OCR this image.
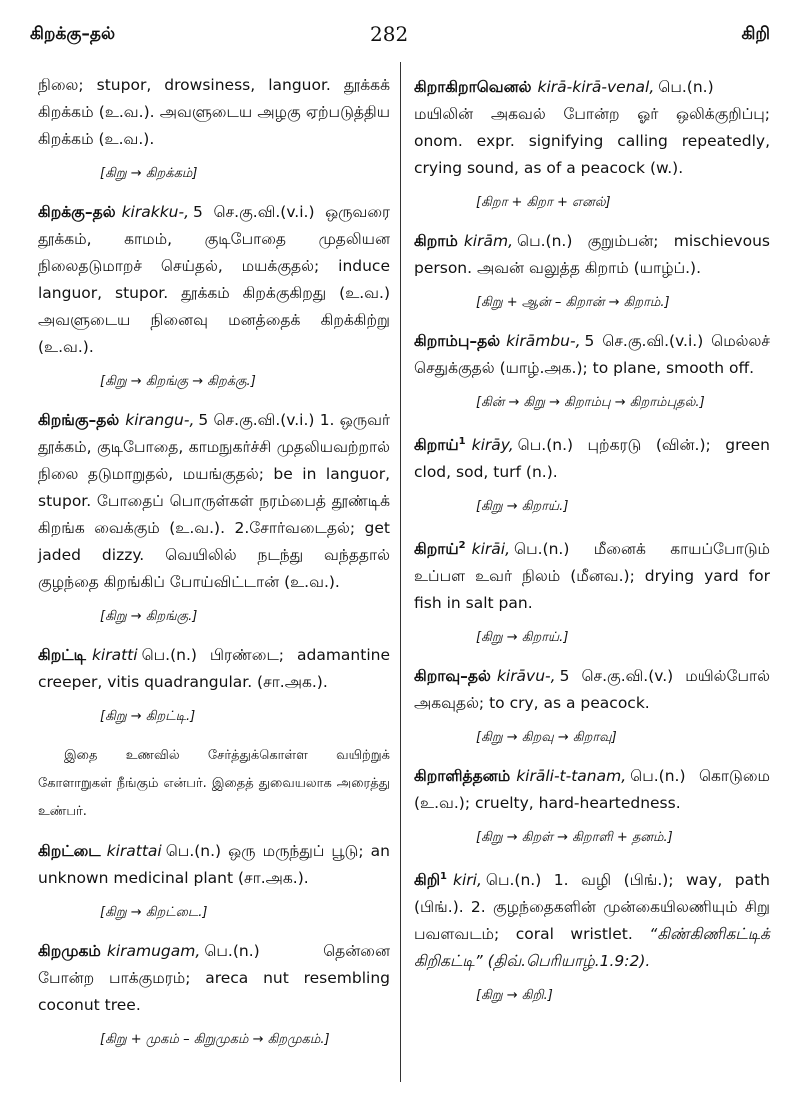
கிறக்கு–தல்	282	கிறி

நிலை; stupor, drowsiness, languor. தூக்கக் கிறக்கம் (உ.வ.). அவளுடைய அழகு ஏற்படுத்திய கிறக்கம் (உ.வ.).

[கிறு → கிறக்கம்]

கிறக்கு–தல் kirakku-, 5 செ.கு.வி.(v.i.) ஒருவரை தூக்கம், காமம், குடிபோதை முதலியன நிலைதடுமாறச் செய்தல், மயக்குதல்; induce languor, stupor. தூக்கம் கிறக்குகிறது (உ.வ.) அவளுடைய நினைவு மனத்தைக் கிறக்கிற்று (உ.வ.).

[கிறு → கிறங்கு → கிறக்கு.]

கிறங்கு–தல் kirangu-, 5 செ.கு.வி.(v.i.) 1. ஒருவர் தூக்கம், குடிபோதை, காமநுகர்ச்சி முதலியவற்றால் நிலை தடுமாறுதல், மயங்குதல்; be in languor, stupor. போதைப் பொருள்கள் நரம்பைத் தூண்டிக் கிறங்க வைக்கும் (உ.வ.). 2.சோர்வடைதல்; get jaded dizzy. வெயிலில் நடந்து வந்ததால் குழந்தை கிறங்கிப் போய்விட்டான் (உ.வ.).

[கிறு → கிறங்கு.]

கிறட்டி kiratti பெ.(n.) பிரண்டை; adamantine creeper, vitis quadrangular. (சா.அக.).

[கிறு → கிறட்டி.]

இதை உணவில் சேர்த்துக்கொள்ள வயிற்றுக் கோளாறுகள் நீங்கும் என்பர். இதைத் துவையலாக அரைத்து உண்பர்.

கிறட்டை kirattai பெ.(n.) ஒரு மருந்துப் பூடு; an unknown medicinal plant (சா.அக.).

[கிறு → கிறட்டை.]

கிறமுகம் kiramugam, பெ.(n.) தென்னை போன்ற பாக்குமரம்; areca nut resembling coconut tree.

[கிறு + முகம் – கிறுமுகம் → கிறமுகம்.]

கிறாகிறாவெனல் kirā-kirā-venal, பெ.(n.) மயிலின் அகவல் போன்ற ஓர் ஒலிக்குறிப்பு; onom. expr. signifying calling repeatedly, crying sound, as of a peacock (w.).

[கிறா + கிறா + எனல்]

கிறாம் kirām, பெ.(n.) குறும்பன்; mischievous person. அவன் வலுத்த கிறாம் (யாழ்ப்.).

[கிறு + ஆன் – கிறான் → கிறாம்.]

கிறாம்பு–தல் kirāmbu-, 5 செ.கு.வி.(v.i.) மெல்லச் செதுக்குதல் (யாழ்.அக.); to plane, smooth off.

[கின் → கிறு → கிறாம்பு → கிறாம்புதல்.]

கிறாய்$^1$ kirāy, பெ.(n.) புற்கரடு (வின்.); green clod, sod, turf (n.).

[கிறு → கிறாய்.]

கிறாய்$^2$ kirāi, பெ.(n.) மீனைக் காயப்போடும் உப்பள உவர் நிலம் (மீனவ.); drying yard for fish in salt pan.

[கிறு → கிறாய்.]

கிறாவு–தல் kirāvu-, 5 செ.கு.வி.(v.) மயில்போல் அகவுதல்; to cry, as a peacock.

[கிறு → கிறவு → கிறாவு]

கிறாளித்தனம் kirāli-t-tanam, பெ.(n.) கொடுமை (உ.வ.); cruelty, hard-heartedness.

[கிறு → கிறள் → கிறாளி + தனம்.]

கிறி$^1$ kiri, பெ.(n.) 1. வழி (பிங்.); way, path (பிங்.). 2. குழந்தைகளின் முன்கையிலணியும் சிறு பவளவடம்; coral wristlet. “கிண்கிணிகட்டிக் கிறிகட்டி” (திவ்.பெரியாழ்.1.9:2).

[கிறு → கிறி.]
